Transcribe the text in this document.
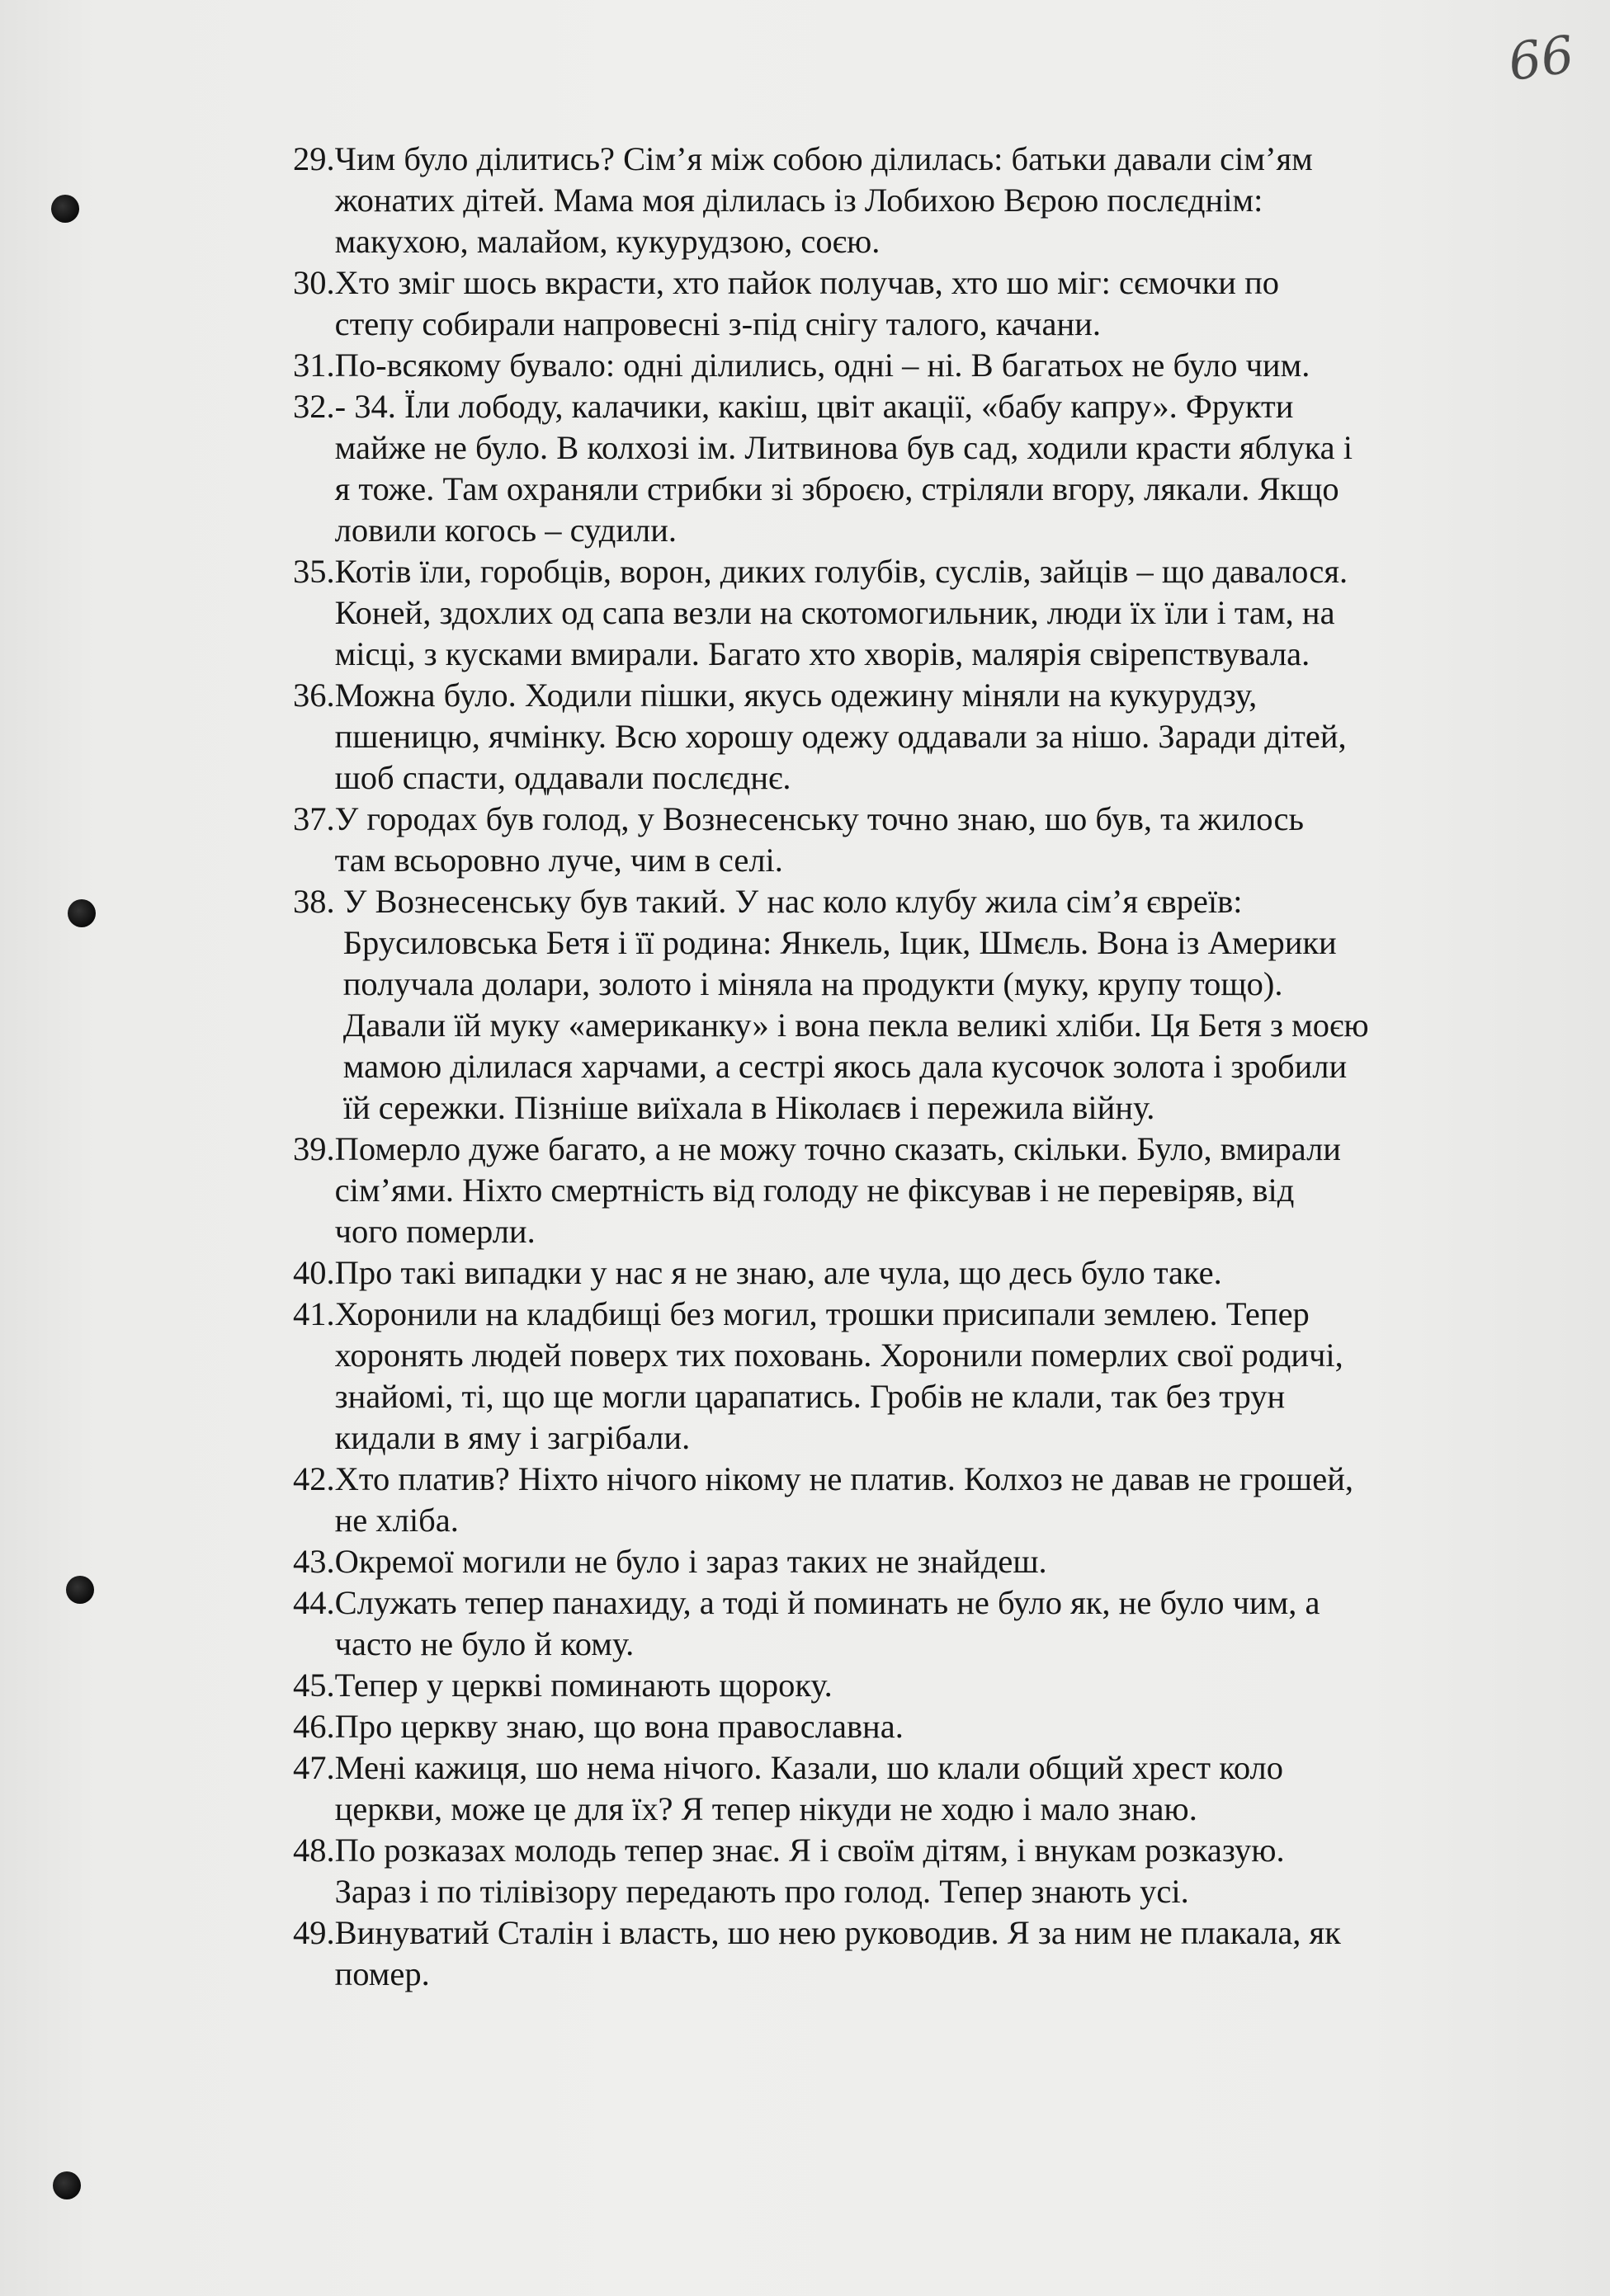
66
29. Чим було ділитись? Сім’я між собою ділилась: батьки давали сім’ям
жонатих дітей. Мама моя ділилась із Лобихою Вєрою послєднім:
макухою, малайом, кукурудзою, соєю.
30. Хто зміг шось вкрасти, хто пайок получав, хто шо міг: сємочки по
степу собирали напровесні з-під снігу талого, качани.
31. По-всякому бувало: одні ділились, одні – ні. В багатьох не було чим.
32. - 34. Їли лободу, калачики, какіш, цвіт акації, «бабу капру». Фрукти
майже не було. В колхозі ім. Литвинова був сад, ходили красти яблука і
я тоже. Там охраняли стрибки зі зброєю, стріляли вгору, лякали. Якщо
ловили когось – судили.
35. Котів їли, горобців, ворон, диких голубів, суслів, зайців – що давалося.
Коней, здохлих од сапа везли на скотомогильник, люди їх їли і там, на
місці, з кусками вмирали. Багато хто хворів, малярія свірепствувала.
36. Можна було. Ходили пішки, якусь одежину міняли на кукурудзу,
пшеницю, ячмінку. Всю хорошу одежу оддавали за нішо. Заради дітей,
шоб спасти, оддавали послєднє.
37. У городах був голод, у Вознесенську точно знаю, шо був, та жилось
там всьоровно луче, чим в селі.
38. У Вознесенську був такий. У нас коло клубу жила сім’я євреїв:
Брусиловська Бетя і її родина: Янкель, Іцик, Шмєль. Вона із Америки
получала долари, золото і міняла на продукти (муку, крупу тощо).
Давали їй муку «американку» і вона пекла великі хліби. Ця Бетя з моєю
мамою ділилася харчами, а сестрі якось дала кусочок золота і зробили
їй сережки. Пізніше виїхала в Ніколаєв і пережила війну.
39. Померло дуже багато, а не можу точно сказать, скільки. Було, вмирали
сім’ями. Ніхто смертність від голоду не фіксував і не перевіряв, від
чого померли.
40. Про такі випадки у нас я не знаю, але чула, що десь було таке.
41. Хоронили на кладбищі без могил, трошки присипали землею. Тепер
хоронять людей поверх тих поховань. Хоронили померлих свої родичі,
знайомі, ті, що ще могли царапатись. Гробів не клали, так без трун
кидали в яму і загрібали.
42. Хто платив? Ніхто нічого нікому не платив. Колхоз не давав не грошей,
не хліба.
43. Окремої могили не було і зараз таких не знайдеш.
44. Служать тепер панахиду, а тоді й поминать не було як, не було чим, а
часто не було й кому.
45. Тепер у церкві поминають щороку.
46. Про церкву знаю, що вона православна.
47. Мені кажиця, шо нема нічого. Казали, шо клали общий хрест коло
церкви, може це для їх? Я тепер нікуди не ходю і мало знаю.
48. По розказах молодь тепер знає. Я і своїм дітям, і внукам розказую.
Зараз і по тілівізору передають про голод. Тепер знають усі.
49. Винуватий Сталін і власть, шо нею руководив. Я за ним не плакала, як
помер.
